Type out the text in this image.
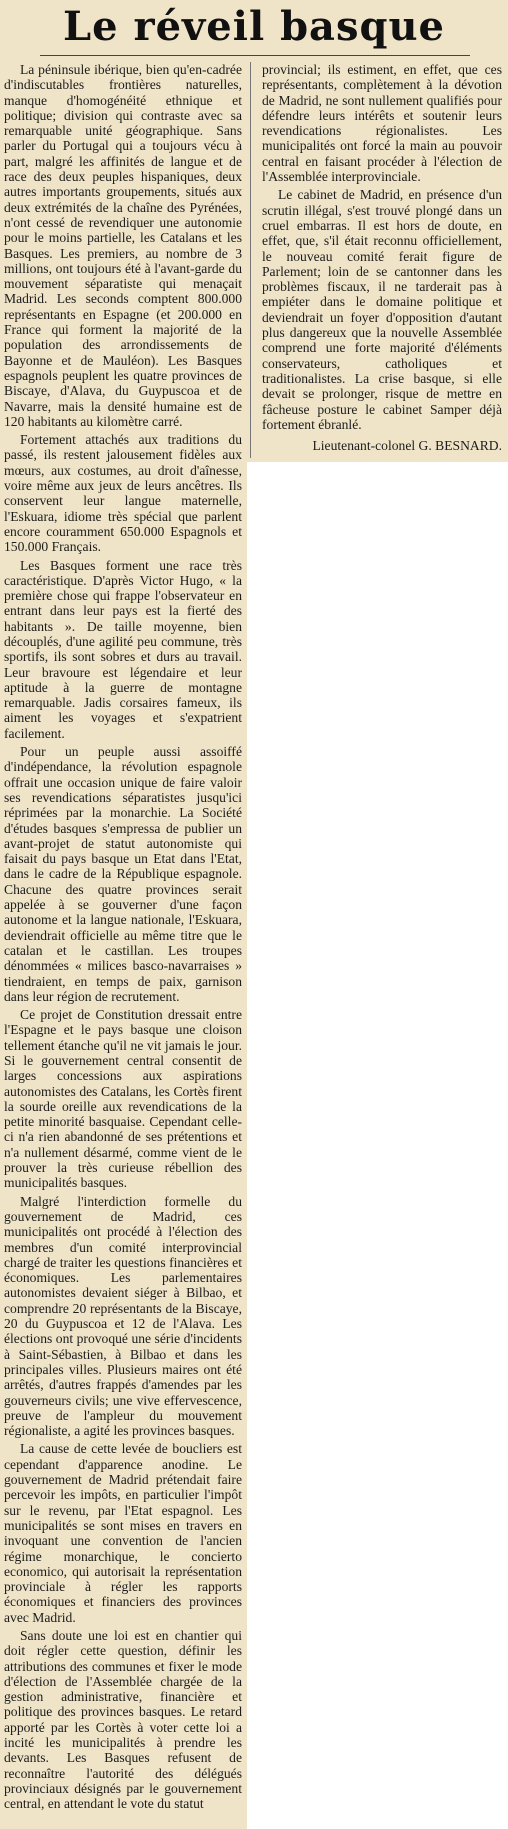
Le réveil basque

La péninsule ibérique, bien qu'en-cadrée d'indiscutables frontières naturelles, manque d'homogénéité ethnique et politique; division qui contraste avec sa remarquable unité géographique. Sans parler du Portugal qui a toujours vécu à part, malgré les affinités de langue et de race des deux peuples hispaniques, deux autres importants groupements, situés aux deux extrémités de la chaîne des Pyrénées, n'ont cessé de revendiquer une autonomie pour le moins partielle, les Catalans et les Basques. Les premiers, au nombre de 3 millions, ont toujours été à l'avant-garde du mouvement séparatiste qui menaçait Madrid. Les seconds comptent 800.000 représentants en Espagne (et 200.000 en France qui forment la majorité de la population des arrondissements de Bayonne et de Mauléon). Les Basques espagnols peuplent les quatre provinces de Biscaye, d'Alava, du Guypuscoa et de Navarre, mais la densité humaine est de 120 habitants au kilomètre carré.

Fortement attachés aux traditions du passé, ils restent jalousement fidèles aux mœurs, aux costumes, au droit d'aînesse, voire même aux jeux de leurs ancêtres. Ils conservent leur langue maternelle, l'Eskuara, idiome très spécial que parlent encore couramment 650.000 Espagnols et 150.000 Français.

Les Basques forment une race très caractéristique. D'après Victor Hugo, « la première chose qui frappe l'observateur en entrant dans leur pays est la fierté des habitants ». De taille moyenne, bien découplés, d'une agilité peu commune, très sportifs, ils sont sobres et durs au travail. Leur bravoure est légendaire et leur aptitude à la guerre de montagne remarquable. Jadis corsaires fameux, ils aiment les voyages et s'expatrient facilement.

Pour un peuple aussi assoiffé d'indépendance, la révolution espagnole offrait une occasion unique de faire valoir ses revendications séparatistes jusqu'ici réprimées par la monarchie. La Société d'études basques s'empressa de publier un avant-projet de statut autonomiste qui faisait du pays basque un Etat dans l'Etat, dans le cadre de la République espagnole. Chacune des quatre provinces serait appelée à se gouverner d'une façon autonome et la langue nationale, l'Eskuara, deviendrait officielle au même titre que le catalan et le castillan. Les troupes dénommées « milices basco-navarraises » tiendraient, en temps de paix, garnison dans leur région de recrutement.

Ce projet de Constitution dressait entre l'Espagne et le pays basque une cloison tellement étanche qu'il ne vit jamais le jour. Si le gouvernement central consentit de larges concessions aux aspirations autonomistes des Catalans, les Cortès firent la sourde oreille aux revendications de la petite minorité basquaise. Cependant celle-ci n'a rien abandonné de ses prétentions et n'a nullement désarmé, comme vient de le prouver la très curieuse rébellion des municipalités basques.

Malgré l'interdiction formelle du gouvernement de Madrid, ces municipalités ont procédé à l'élection des membres d'un comité interprovincial chargé de traiter les questions financières et économiques. Les parlementaires autonomistes devaient siéger à Bilbao, et comprendre 20 représentants de la Biscaye, 20 du Guypuscoa et 12 de l'Alava. Les élections ont provoqué une série d'incidents à Saint-Sébastien, à Bilbao et dans les principales villes. Plusieurs maires ont été arrêtés, d'autres frappés d'amendes par les gouverneurs civils; une vive effervescence, preuve de l'ampleur du mouvement régionaliste, a agité les provinces basques.

La cause de cette levée de boucliers est cependant d'apparence anodine. Le gouvernement de Madrid prétendait faire percevoir les impôts, en particulier l'impôt sur le revenu, par l'Etat espagnol. Les municipalités se sont mises en travers en invoquant une convention de l'ancien régime monarchique, le concierto economico, qui autorisait la représentation provinciale à régler les rapports économiques et financiers des provinces avec Madrid.

Sans doute une loi est en chantier qui doit régler cette question, définir les attributions des communes et fixer le mode d'élection de l'Assemblée chargée de la gestion administrative, financière et politique des provinces basques. Le retard apporté par les Cortès à voter cette loi a incité les municipalités à prendre les devants. Les Basques refusent de reconnaître l'autorité des délégués provinciaux désignés par le gouvernement central, en attendant le vote du statut

provincial; ils estiment, en effet, que ces représentants, complètement à la dévotion de Madrid, ne sont nullement qualifiés pour défendre leurs intérêts et soutenir leurs revendications régionalistes. Les municipalités ont forcé la main au pouvoir central en faisant procéder à l'élection de l'Assemblée interprovinciale.

Le cabinet de Madrid, en présence d'un scrutin illégal, s'est trouvé plongé dans un cruel embarras. Il est hors de doute, en effet, que, s'il était reconnu officiellement, le nouveau comité ferait figure de Parlement; loin de se cantonner dans les problèmes fiscaux, il ne tarderait pas à empiéter dans le domaine politique et deviendrait un foyer d'opposition d'autant plus dangereux que la nouvelle Assemblée comprend une forte majorité d'éléments conservateurs, catholiques et traditionalistes. La crise basque, si elle devait se prolonger, risque de mettre en fâcheuse posture le cabinet Samper déjà fortement ébranlé.

Lieutenant-colonel G. BESNARD.
